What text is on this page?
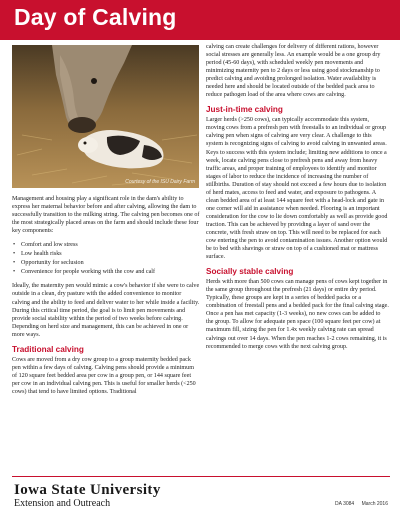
Day of Calving
Courtesy of the ISU Dairy Farm

Management and housing play a significant role in the dam's ability to express her maternal behavior before and after calving, allowing the dam to successfully transition to the milking string. The calving pen becomes one of the most strategically placed areas on the farm and should include these four key components:

• Comfort and low stress
• Low health risks
• Opportunity for seclusion
• Convenience for people working with the cow and calf

Ideally, the maternity pen would mimic a cow's behavior if she were to calve outside in a clean, dry pasture with the added convenience to monitor calving and the ability to feed and deliver water to her while inside a facility. During this critical time period, the goal is to limit pen movements and provide social stability within the period of two weeks before calving. Depending on herd size and management, this can be achieved in one or more ways.

Traditional calving

Cows are moved from a dry cow group to a group maternity bedded pack pen within a few days of calving. Calving pens should provide a minimum of 120 square feet bedded area per cow in a group pen, or 144 square feet per cow in an individual calving pen. This is useful for smaller herds (<250 cows) that tend to have limited options. Traditional

calving can create challenges for delivery of different rations, however social stresses are generally less. An example would be a one group dry period (45-60 days), with scheduled weekly pen movements and minimizing maternity pen to 2 days or less using good stockmanship to predict calving and avoiding prolonged isolation. Water availability is needed here and should be located outside of the bedded pack area to reduce pathogen load of the area where cows are calving.

Just-in-time calving

Larger herds (>250 cows), can typically accommodate this system, moving cows from a prefresh pen with freestalls to an individual or group calving pen when signs of calving are very clear. A challenge to this system is recognizing signs of calving to avoid calving in unwanted areas. Keys to success with this system include; limiting new additions to once a week, locate calving pens close to prefresh pens and away from heavy traffic areas, and proper training of employees to identify and monitor stages of labor to reduce the incidence of increasing the number of stillbirths. Duration of stay should not exceed a few hours due to isolation of herd mates, access to feed and water, and exposure to pathogens. A clean bedded area of at least 144 square feet with a head-lock and gate in one corner will aid in assistance when needed. Flooring is an important consideration for the cow to lie down comfortably as well as provide good traction. This can be achieved by providing a layer of sand over the concrete, with fresh straw on top. This will need to be replaced for each cow entering the pen to avoid contamination issues. Another option would be to bed with shavings or straw on top of a cushioned mat or mattress surface.

Socially stable calving

Herds with more than 500 cows can manage pens of cows kept together in the same group throughout the prefresh (21 days) or entire dry period. Typically, these groups are kept in a series of bedded packs or a combination of freestall pens and a bedded pack for the final calving stage. Once a pen has met capacity (1-3 weeks), no new cows can be added to the group. To allow for adequate pen space (100 square feet per cow) at maximum fill, sizing the pen for 1.4x weekly calving rate can spread calvings out over 14 days. When the pen reaches 1-2 cows remaining, it is recommended to merge cows with the next calving group.

Iowa State University
Extension and Outreach	DA 3084 March 2016
